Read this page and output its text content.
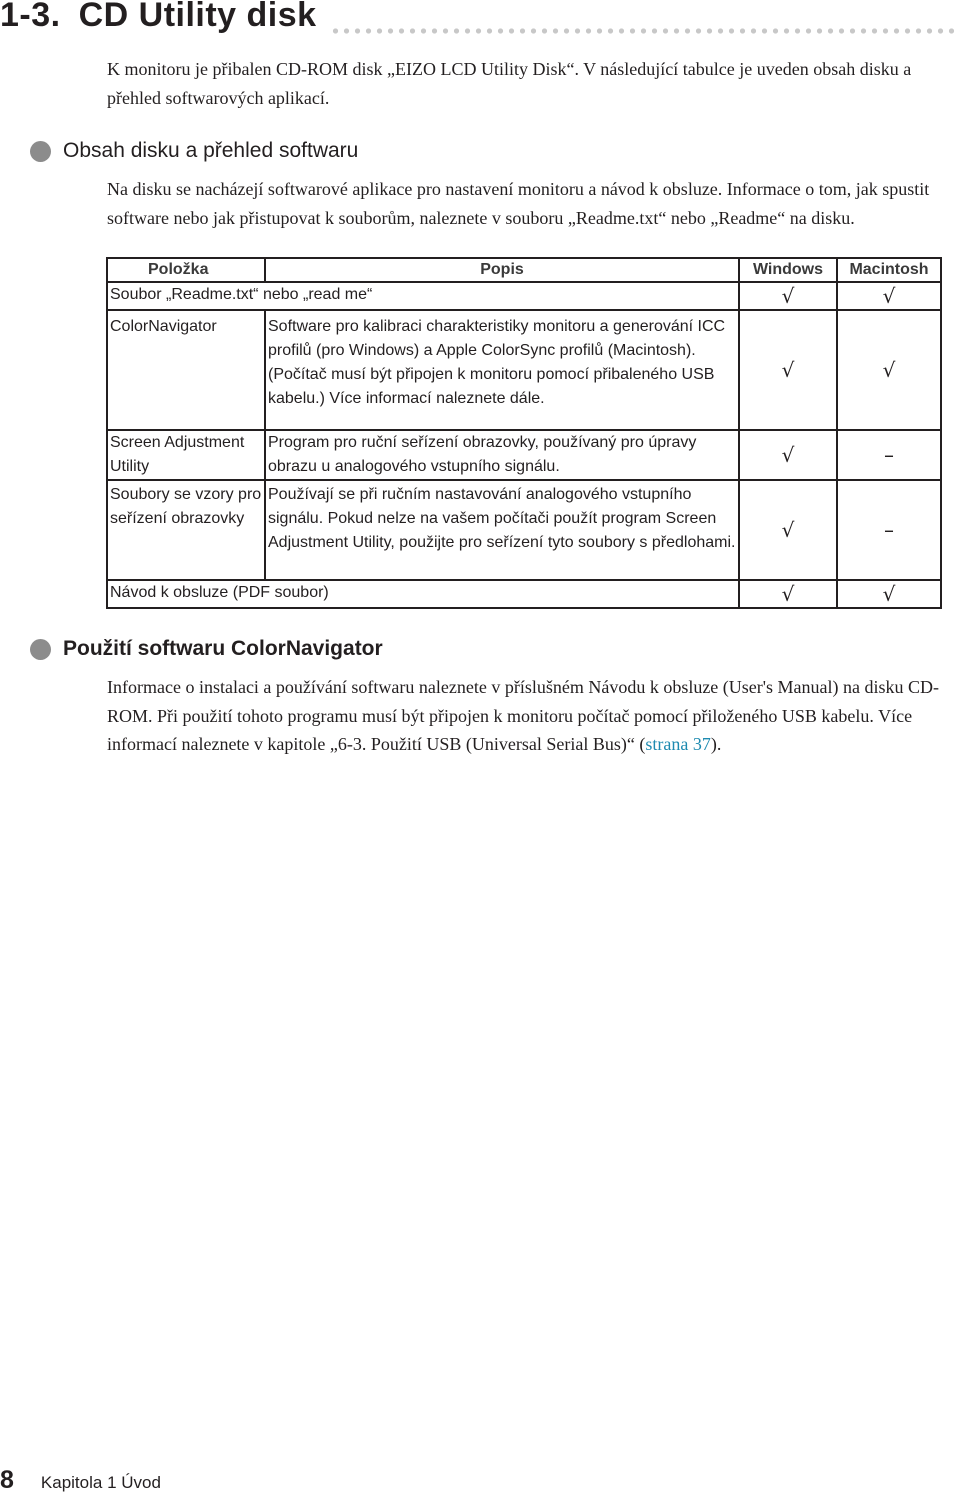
1-3. CD Utility disk

K monitoru je přibalen CD-ROM disk „EIZO LCD Utility Disk“. V následující tabulce je uveden obsah disku a přehled softwarových aplikací.

Obsah disku a přehled softwaru

Na disku se nacházejí softwarové aplikace pro nastavení monitoru a návod k obsluze. Informace o tom, jak spustit software nebo jak přistupovat k souborům, naleznete v souboru „Readme.txt“ nebo „Readme“ na disku.

Položka	Popis	Windows	Macintosh
Soubor „Readme.txt“ nebo „read me“		√	√
ColorNavigator	Software pro kalibraci charakteristiky monitoru a generování ICC profilů (pro Windows) a Apple ColorSync profilů (Macintosh). (Počítač musí být připojen k monitoru pomocí přibaleného USB kabelu.) Více informací naleznete dále.	√	√
Screen Adjustment Utility	Program pro ruční seřízení obrazovky, používaný pro úpravy obrazu u analogového vstupního signálu.	√	–
Soubory se vzory pro seřízení obrazovky	Používají se při ručním nastavování analogového vstupního signálu. Pokud nelze na vašem počítači použít program Screen Adjustment Utility, použijte pro seřízení tyto soubory s předlohami.	√	–
Návod k obsluze (PDF soubor)		√	√
Použití softwaru ColorNavigator

Informace o instalaci a používání softwaru naleznete v příslušném Návodu k obsluze (User's Manual) na disku CD-ROM. Při použití tohoto programu musí být připojen k monitoru počítač pomocí přiloženého USB kabelu. Více informací naleznete v kapitole „6-3. Použití USB (Universal Serial Bus)“ (strana 37).

8 Kapitola 1 Úvod
